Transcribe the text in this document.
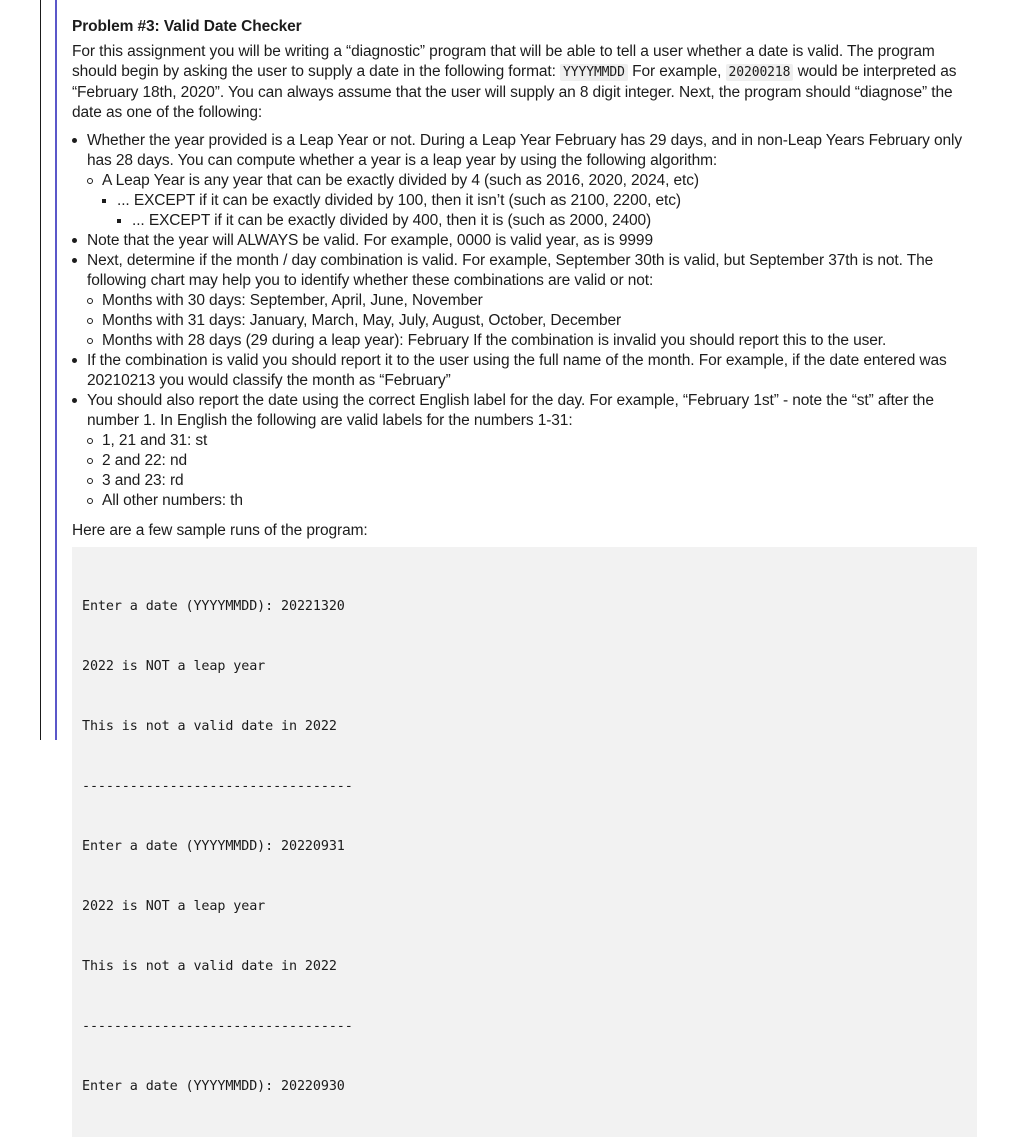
Problem #3: Valid Date Checker
For this assignment you will be writing a “diagnostic” program that will be able to tell a user whether a date is valid. The program should begin by asking the user to supply a date in the following format: YYYYMMDD For example, 20200218 would be interpreted as “February 18th, 2020”. You can always assume that the user will supply an 8 digit integer. Next, the program should “diagnose” the date as one of the following:
Whether the year provided is a Leap Year or not. During a Leap Year February has 29 days, and in non-Leap Years February only has 28 days. You can compute whether a year is a leap year by using the following algorithm:
A Leap Year is any year that can be exactly divided by 4 (such as 2016, 2020, 2024, etc)
... EXCEPT if it can be exactly divided by 100, then it isn’t (such as 2100, 2200, etc)
... EXCEPT if it can be exactly divided by 400, then it is (such as 2000, 2400)
Note that the year will ALWAYS be valid. For example, 0000 is valid year, as is 9999
Next, determine if the month / day combination is valid. For example, September 30th is valid, but September 37th is not. The following chart may help you to identify whether these combinations are valid or not:
Months with 30 days: September, April, June, November
Months with 31 days: January, March, May, July, August, October, December
Months with 28 days (29 during a leap year): February If the combination is invalid you should report this to the user.
If the combination is valid you should report it to the user using the full name of the month. For example, if the date entered was 20210213 you would classify the month as “February”
You should also report the date using the correct English label for the day. For example, “February 1st” - note the “st” after the number 1. In English the following are valid labels for the numbers 1-31:
1, 21 and 31: st
2 and 22: nd
3 and 23: rd
All other numbers: th
Here are a few sample runs of the program:

Enter a date (YYYYMMDD): 20221320

2022 is NOT a leap year

This is not a valid date in 2022

----------------------------------

Enter a date (YYYYMMDD): 20220931

2022 is NOT a leap year

This is not a valid date in 2022

----------------------------------

Enter a date (YYYYMMDD): 20220930
